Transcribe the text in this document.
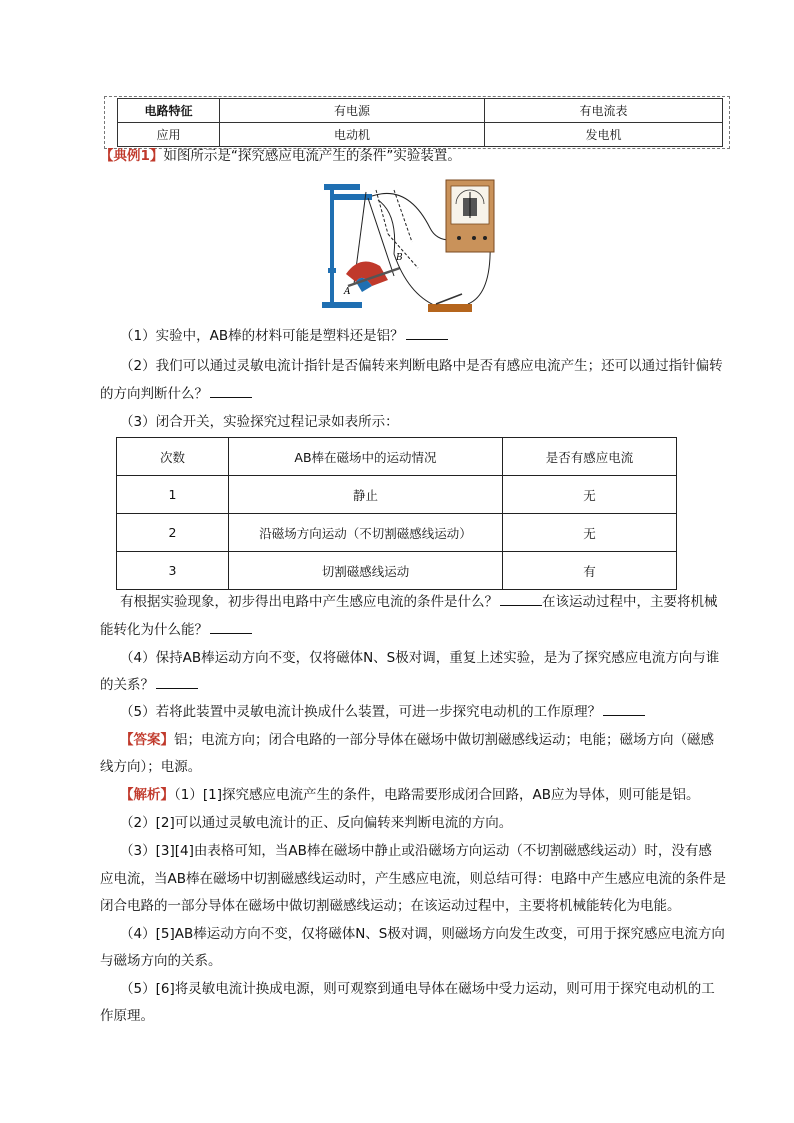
电路特征	有电源	有电流表
应用	电动机	发电机
【典例1】如图所示是“探究感应电流产生的条件”实验装置。
A
B
（1）实验中，AB棒的材料可能是塑料还是铝？
（2）我们可以通过灵敏电流计指针是否偏转来判断电路中是否有感应电流产生；还可以通过指针偏转
的方向判断什么？
（3）闭合开关，实验探究过程记录如表所示：
次数	AB棒在磁场中的运动情况	是否有感应电流
1	静止	无
2	沿磁场方向运动（不切割磁感线运动）	无
3	切割磁感线运动	有
有根据实验现象，初步得出电路中产生感应电流的条件是什么？	在该运动过程中，主要将机械
能转化为什么能？
（4）保持AB棒运动方向不变，仅将磁体N、S极对调，重复上述实验，是为了探究感应电流方向与谁
的关系？
（5）若将此装置中灵敏电流计换成什么装置，可进一步探究电动机的工作原理？
【答案】铝；电流方向；闭合电路的一部分导体在磁场中做切割磁感线运动；电能；磁场方向（磁感
线方向）；电源。
【解析】（1）[1]探究感应电流产生的条件，电路需要形成闭合回路，AB应为导体，则可能是铝。
（2）[2]可以通过灵敏电流计的正、反向偏转来判断电流的方向。
（3）[3][4]由表格可知，当AB棒在磁场中静止或沿磁场方向运动（不切割磁感线运动）时，没有感
应电流，当AB棒在磁场中切割磁感线运动时，产生感应电流，则总结可得：电路中产生感应电流的条件是
闭合电路的一部分导体在磁场中做切割磁感线运动；在该运动过程中，主要将机械能转化为电能。
（4）[5]AB棒运动方向不变，仅将磁体N、S极对调，则磁场方向发生改变，可用于探究感应电流方向
与磁场方向的关系。
（5）[6]将灵敏电流计换成电源，则可观察到通电导体在磁场中受力运动，则可用于探究电动机的工
作原理。
